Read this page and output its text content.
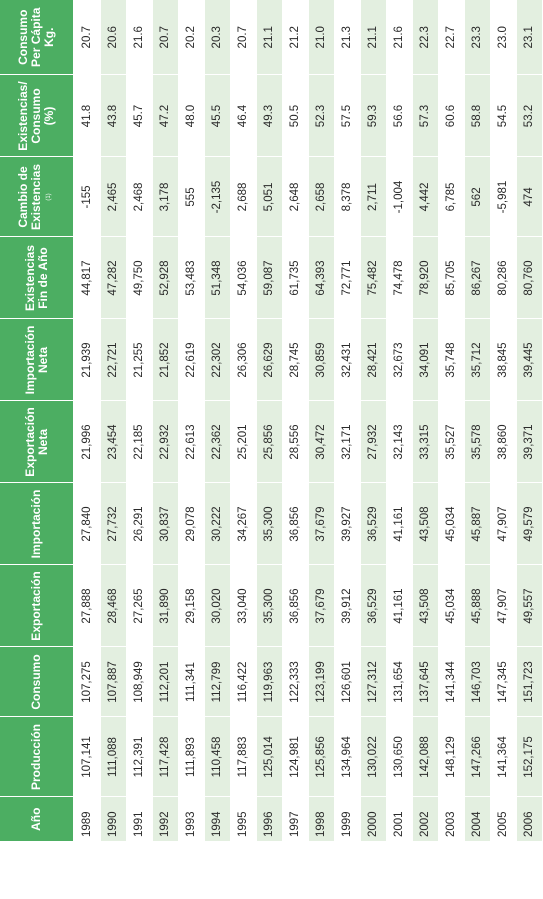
Año	Producción	Consumo	Exportación	Importación	Exportación Neta	Importación Neta	Existencias Fin de Año	Cambio de Existencias (1)	Existencias/ Consumo (%)	Consumo Per Cápita Kg.
1989	107,141	107,275	27,888	27,840	21,996	21,939	44,817	-155	41.8	20.7
1990	111,088	107,887	28,468	27,732	23,454	22,721	47,282	2,465	43.8	20.6
1991	112,391	108,949	27,265	26,291	22,185	21,255	49,750	2,468	45.7	21.6
1992	117,428	112,201	31,890	30,837	22,932	21,852	52,928	3,178	47.2	20.7
1993	111,893	111,341	29,158	29,078	22,613	22,619	53,483	555	48.0	20.2
1994	110,458	112,799	30,020	30,222	22,362	22,302	51,348	-2,135	45.5	20.3
1995	117,883	116,422	33,040	34,267	25,201	26,306	54,036	2,688	46.4	20.7
1996	125,014	119,963	35,300	35,300	25,856	26,629	59,087	5,051	49.3	21.1
1997	124,981	122,333	36,856	36,856	28,556	28,745	61,735	2,648	50.5	21.2
1998	125,856	123,199	37,679	37,679	30,472	30,859	64,393	2,658	52.3	21.0
1999	134,964	126,601	39,912	39,927	32,171	32,431	72,771	8,378	57.5	21.3
2000	130,022	127,312	36,529	36,529	27,932	28,421	75,482	2,711	59.3	21.1
2001	130,650	131,654	41,161	41,161	32,143	32,673	74,478	-1,004	56.6	21.6
2002	142,088	137,645	43,508	43,508	33,315	34,091	78,920	4,442	57.3	22.3
2003	148,129	141,344	45,034	45,034	35,527	35,748	85,705	6,785	60.6	22.7
2004	147,266	146,703	45,888	45,887	35,578	35,712	86,267	562	58.8	23.3
2005	141,364	147,345	47,907	47,907	38,860	38,845	80,286	-5,981	54.5	23.0
2006	152,175	151,723	49,557	49,579	39,371	39,445	80,760	474	53.2	23.1
